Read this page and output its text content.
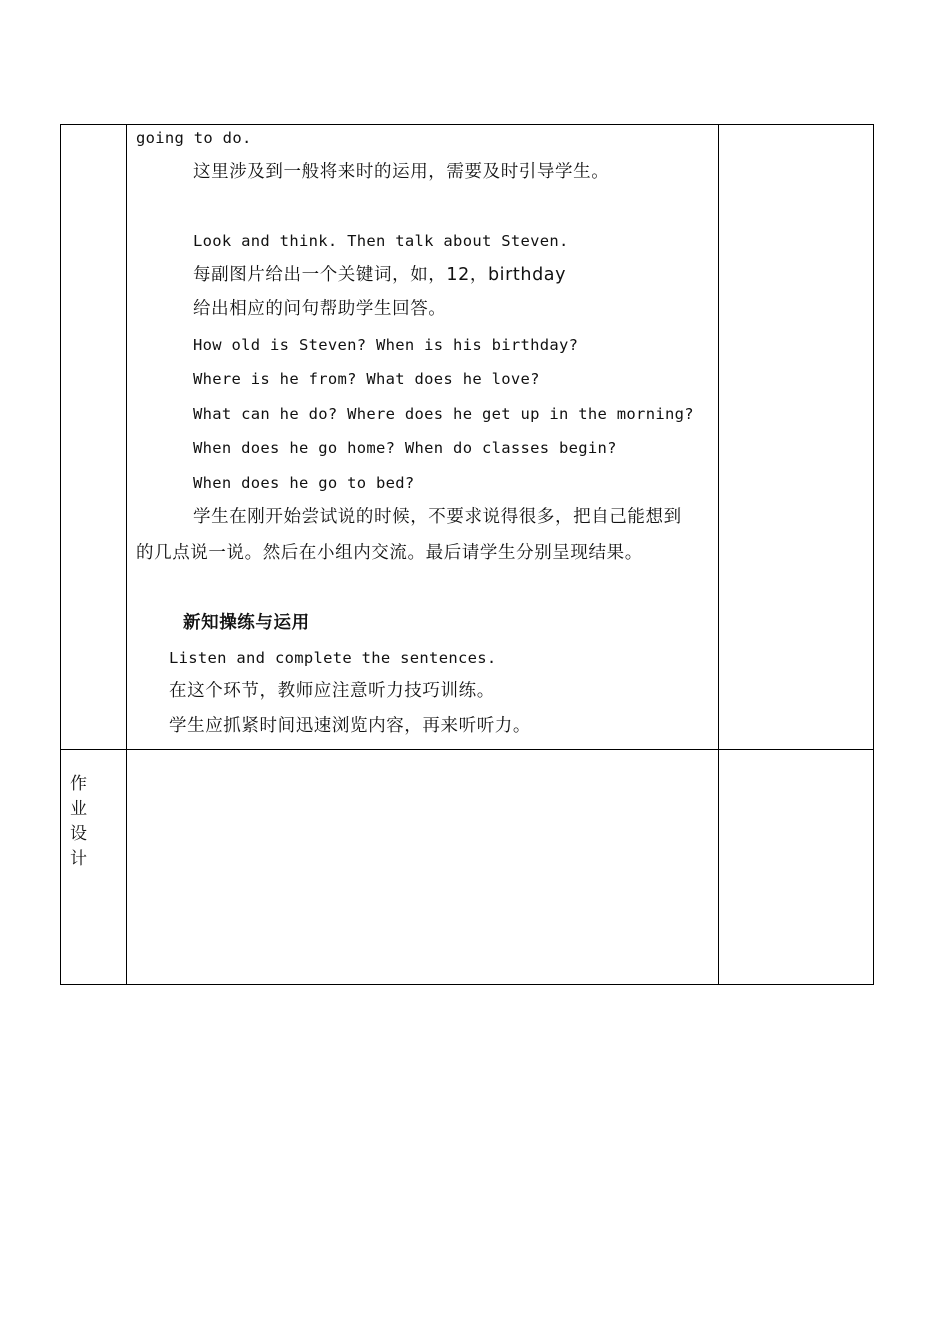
going to do.
这里涉及到一般将来时的运用，需要及时引导学生。
Look and think. Then talk about Steven.
每副图片给出一个关键词，如，12，birthday
给出相应的问句帮助学生回答。
How old is Steven? When is his birthday?
Where is he from? What does he love?
What can he do? Where does he get up in the morning?
When does he go home? When do classes begin?
When does he go to bed?
学生在刚开始尝试说的时候，不要求说得很多，把自己能想到
的几点说一说。然后在小组内交流。最后请学生分别呈现结果。
新知操练与运用
Listen and complete the sentences.
在这个环节，教师应注意听力技巧训练。
学生应抓紧时间迅速浏览内容，再来听听力。
作
业
设
计
